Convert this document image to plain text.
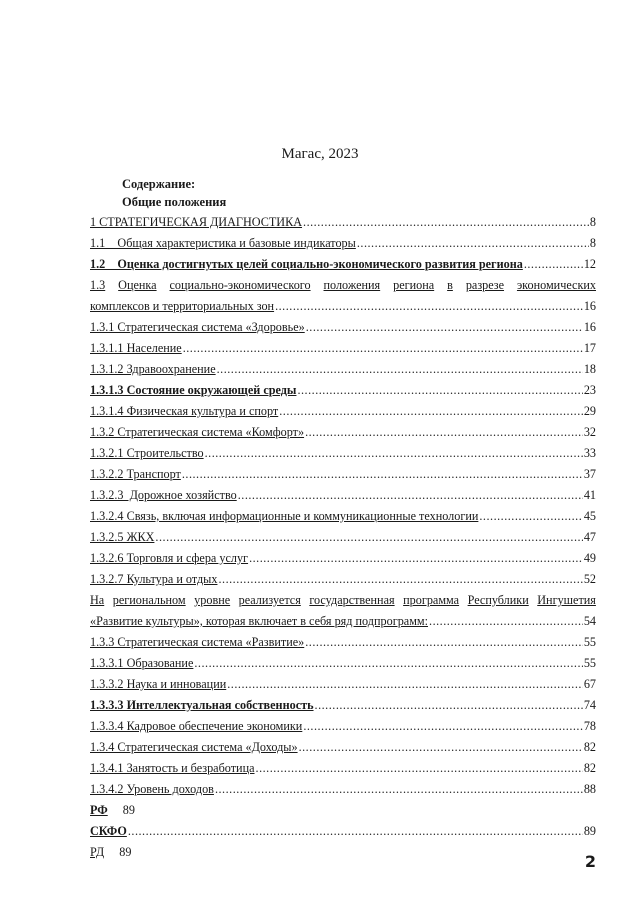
Магас, 2023
Содержание:
Общие положения
1 СТРАТЕГИЧЕСКАЯ ДИАГНОСТИКА .....	8
1.1    Общая характеристика и базовые индикаторы .....	8
1.2    Оценка достигнутых целей социально-экономического развития региона .....	12
1.3 Оценка социально-экономического положения региона в разрезе экономических
комплексов и территориальных зон .....	16
1.3.1 Стратегическая система «Здоровье» .....	16
1.3.1.1 Население .....	17
1.3.1.2 Здравоохранение .....	18
1.3.1.3 Состояние окружающей среды .....	23
1.3.1.4 Физическая культура и спорт .....	29
1.3.2 Стратегическая система «Комфорт» .....	32
1.3.2.1 Строительство .....	33
1.3.2.2 Транспорт .....	37
1.3.2.3  Дорожное хозяйство .....	41
1.3.2.4 Связь, включая информационные и коммуникационные технологии .....	45
1.3.2.5 ЖКХ .....	47
1.3.2.6 Торговля и сфера услуг .....	49
1.3.2.7 Культура и отдых .....	52
На региональном уровне реализуется государственная программа Республики Ингушетия
«Развитие культуры», которая включает в себя ряд подпрограмм: .....	54
1.3.3 Стратегическая система «Развитие» .....	55
1.3.3.1 Образование .....	55
1.3.3.2 Наука и инновации .....	67
1.3.3.3 Интеллектуальная собственность .....	74
1.3.3.4 Кадровое обеспечение экономики .....	78
1.3.4 Стратегическая система «Доходы» .....	82
1.3.4.1 Занятость и безработица .....	82
1.3.4.2 Уровень доходов .....	88
РФ 89
СКФО .....	89
РД 89	2
